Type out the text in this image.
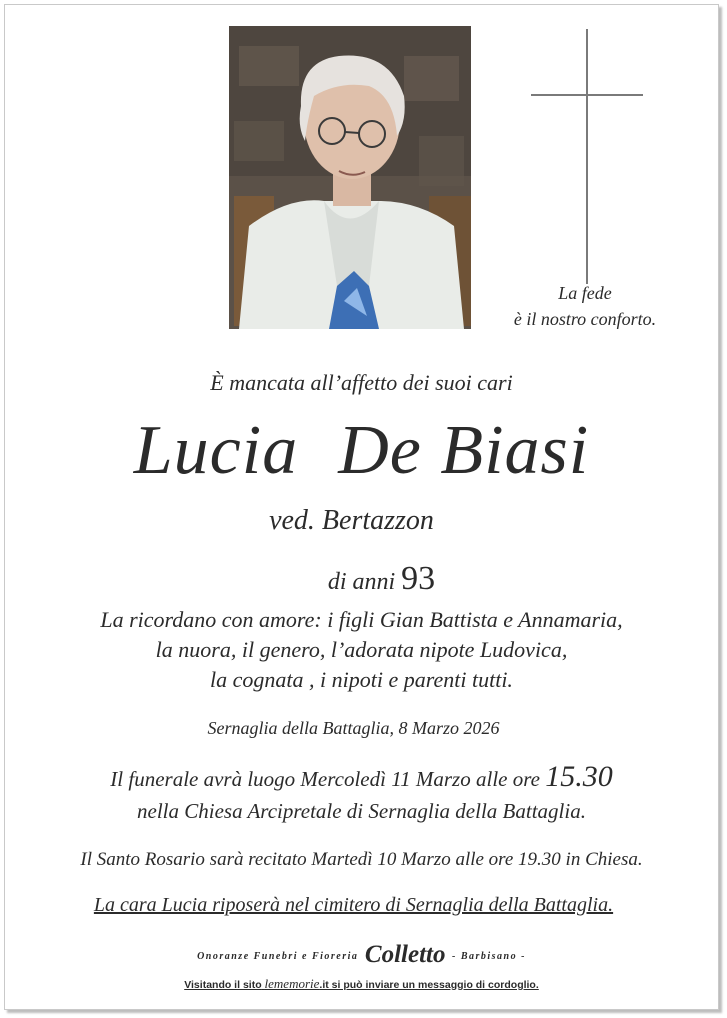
La fede
è il nostro conforto.
È mancata all’affetto dei suoi cari
Lucia De Biasi
ved. Bertazzon
di anni 93
La ricordano con amore: i figli Gian Battista e Annamaria,
la nuora, il genero, l’adorata nipote Ludovica,
la cognata , i nipoti e parenti tutti.
Sernaglia della Battaglia, 8 Marzo 2026
Il funerale avrà luogo Mercoledì 11 Marzo alle ore 15.30
nella Chiesa Arcipretale di Sernaglia della Battaglia.
Il Santo Rosario sarà recitato Martedì 10 Marzo alle ore 19.30 in Chiesa.
La cara Lucia riposerà nel cimitero di Sernaglia della Battaglia.
Onoranze Funebri e Fioreria Colletto - Barbisano -
Visitando il sito lememorie.it si può inviare un messaggio di cordoglio.
